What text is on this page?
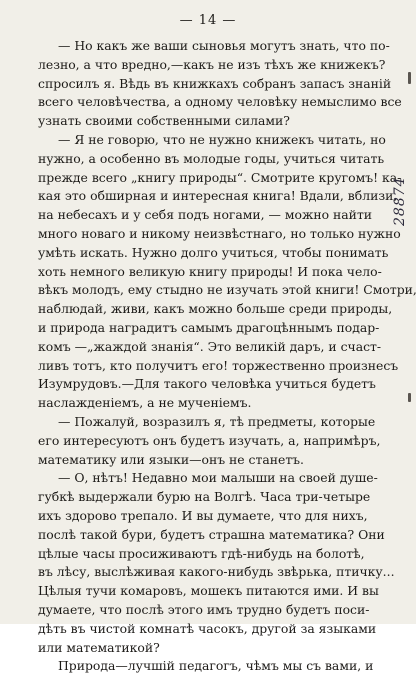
— 14 —
— Но какъ же ваши сыновья могутъ знать, что по-
лезно, а что вредно,—какъ не изъ тѣхъ же книжекъ?
спросилъ я. Вѣдь въ книжкахъ собранъ запасъ знаній
всего человѣчества, а одному человѣку немыслимо все
узнать своими собственными силами?
— Я не говорю, что не нужно книжекъ читать, но
нужно, а особенно въ молодые годы, учиться читать
прежде всего „книгу природы“. Смотрите кругомъ! ка-
кая это обширная и интересная книга! Вдали, вблизи,
на небесахъ и у себя подъ ногами, — можно найти
много новаго и никому неизвѣстнаго, но только нужно
умѣть искать. Нужно долго учиться, чтобы понимать
хоть немного великую книгу природы! И пока чело-
вѣкъ молодъ, ему стыдно не изучать этой книги! Смотри,
наблюдай, живи, какъ можно больше среди природы,
и природа наградитъ самымъ драгоцѣннымъ подар-
комъ —„жаждой знанія“. Это великій даръ, и счаст-
ливъ тотъ, кто получитъ его! торжественно произнесъ
Изумрудовъ.—Для такого человѣка учиться будетъ
наслажденіемъ, а не мученіемъ.
— Пожалуй, возразилъ я, тѣ предметы, которые
его интересуютъ онъ будетъ изучать, а, напримѣръ,
математику или языки—онъ не станетъ.
— О, нѣтъ! Недавно мои малыши на своей душе-
губкѣ выдержали бурю на Волгѣ. Часа три-четыре
ихъ здорово трепало. И вы думаете, что для нихъ,
послѣ такой бури, будетъ страшна математика? Они
цѣлые часы просиживаютъ гдѣ-нибудь на болотѣ,
въ лѣсу, выслѣживая какого-нибудь звѣрька, птичку...
Цѣлыя тучи комаровъ, мошекъ питаются ими. И вы
думаете, что послѣ этого имъ трудно будетъ поси-
дѣть въ чистой комнатѣ часокъ, другой за языками
или математикой?
Природа—лучшій педагогъ, чѣмъ мы съ вами, и
28874
